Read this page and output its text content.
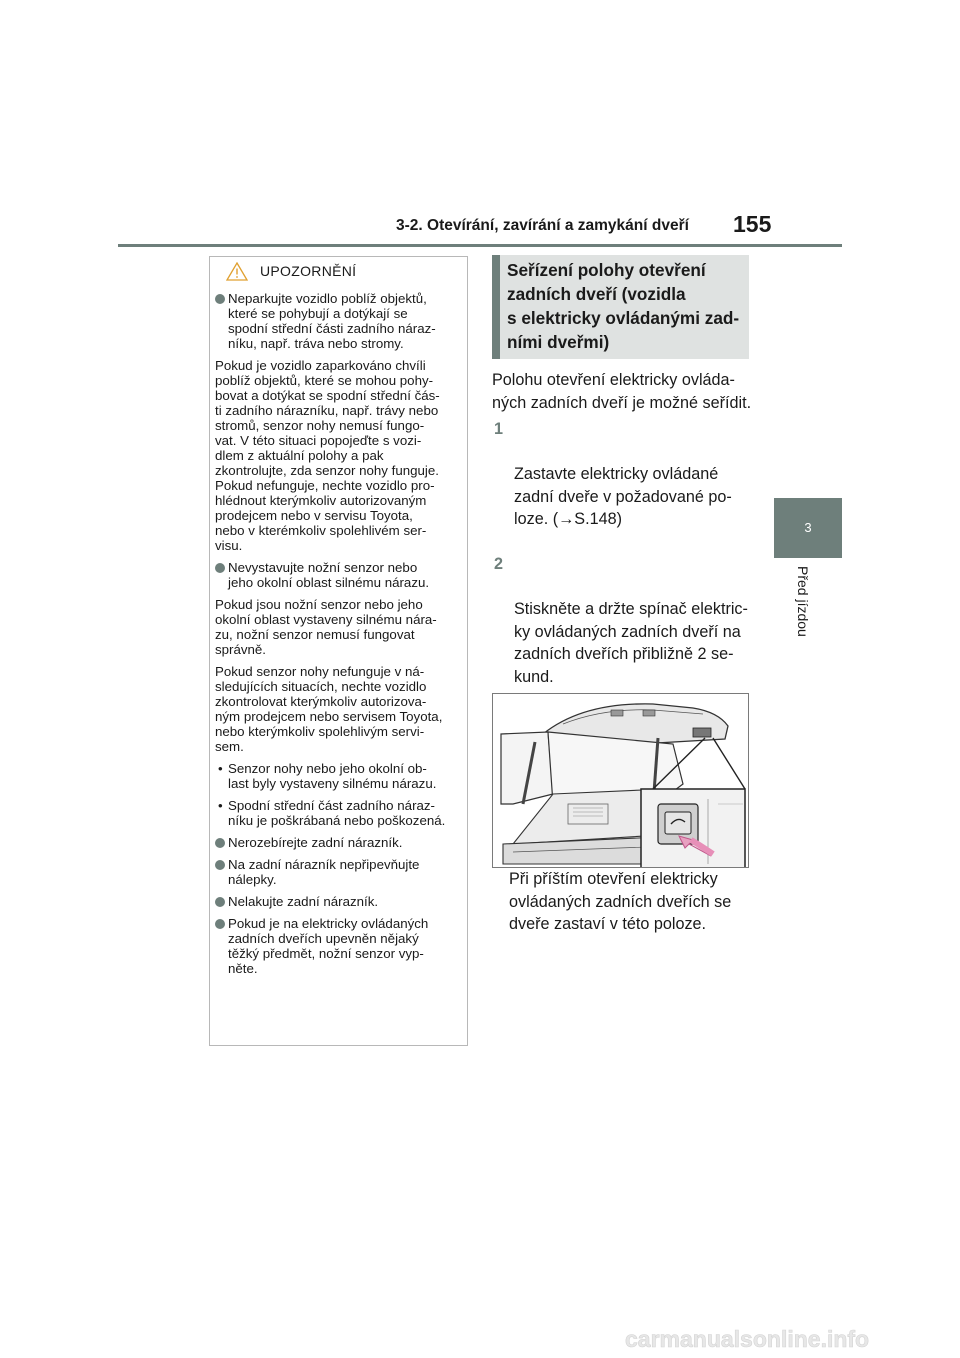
3-2. Otevírání, zavírání a zamykání dveří 155
3
Před jízdou
UPOZORNĚNÍ
Neparkujte vozidlo poblíž objektů,
které se pohybují a dotýkají se
spodní střední části zadního náraz-
níku, např. tráva nebo stromy.
Pokud je vozidlo zaparkováno chvíli
poblíž objektů, které se mohou pohy-
bovat a dotýkat se spodní střední čás-
ti zadního nárazníku, např. trávy nebo
stromů, senzor nohy nemusí fungo-
vat. V této situaci popojeďte s vozi-
dlem z aktuální polohy a pak
zkontrolujte, zda senzor nohy funguje.
Pokud nefunguje, nechte vozidlo pro-
hlédnout kterýmkoliv autorizovaným
prodejcem nebo v servisu Toyota,
nebo v kterémkoliv spolehlivém ser-
visu.
Nevystavujte nožní senzor nebo
jeho okolní oblast silnému nárazu.
Pokud jsou nožní senzor nebo jeho
okolní oblast vystaveny silnému nára-
zu, nožní senzor nemusí fungovat
správně.
Pokud senzor nohy nefunguje v ná-
sledujících situacích, nechte vozidlo
zkontrolovat kterýmkoliv autorizova-
ným prodejcem nebo servisem Toyota,
nebo kterýmkoliv spolehlivým servi-
sem.
• Senzor nohy nebo jeho okolní ob-
last byly vystaveny silnému nárazu.
• Spodní střední část zadního náraz-
níku je poškrábaná nebo poškozená.
Nerozebírejte zadní nárazník.
Na zadní nárazník nepřipevňujte
nálepky.
Nelakujte zadní nárazník.
Pokud je na elektricky ovládaných
zadních dveřích upevněn nějaký
těžký předmět, nožní senzor vyp-
něte.
Seřízení polohy otevření
zadních dveří (vozidla
s elektricky ovládanými zad-
ními dveřmi)
Polohu otevření elektricky ovláda-
ných zadních dveří je možné seřídit.

1

Zastavte elektricky ovládané
zadní dveře v požadované po-
loze. (→S.148)

2

Stiskněte a držte spínač elektric-
ky ovládaných zadních dveří na
zadních dveřích přibližně 2 se-
kund.

Při příštím otevření elektricky
ovládaných zadních dveřích se
dveře zastaví v této poloze.

carmanualsonline.info
